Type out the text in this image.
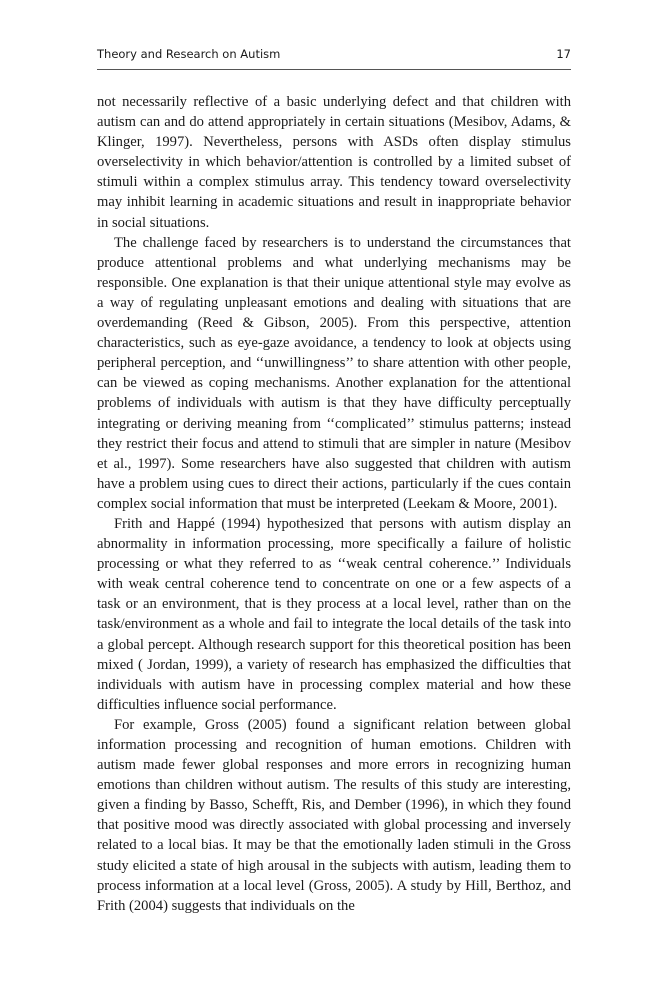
Theory and Research on Autism	17

not necessarily reflective of a basic underlying defect and that children with autism can and do attend appropriately in certain situations (Mesibov, Adams, & Klinger, 1997). Nevertheless, persons with ASDs often display stimulus overselectivity in which behavior/attention is controlled by a limited subset of stimuli within a complex stimulus array. This tendency toward overselectivity may inhibit learning in academic situations and result in inappropriate behavior in social situations.

The challenge faced by researchers is to understand the circumstances that produce attentional problems and what underlying mechanisms may be responsible. One explanation is that their unique attentional style may evolve as a way of regulating unpleasant emotions and dealing with situations that are overdemanding (Reed & Gibson, 2005). From this perspective, attention characteristics, such as eye-gaze avoidance, a tendency to look at objects using peripheral perception, and ‘‘unwillingness’’ to share attention with other people, can be viewed as coping mechanisms. Another explanation for the attentional problems of individuals with autism is that they have difficulty perceptually integrating or deriving meaning from ‘‘complicated’’ stimulus patterns; instead they restrict their focus and attend to stimuli that are simpler in nature (Mesibov et al., 1997). Some researchers have also suggested that children with autism have a problem using cues to direct their actions, particularly if the cues contain complex social information that must be interpreted (Leekam & Moore, 2001).

Frith and Happé (1994) hypothesized that persons with autism display an abnormality in information processing, more specifically a failure of holistic processing or what they referred to as ‘‘weak central coherence.’’ Individuals with weak central coherence tend to concentrate on one or a few aspects of a task or an environment, that is they process at a local level, rather than on the task/environment as a whole and fail to integrate the local details of the task into a global percept. Although research support for this theoretical position has been mixed ( Jordan, 1999), a variety of research has emphasized the difficulties that individuals with autism have in processing complex material and how these difficulties influence social performance.

For example, Gross (2005) found a significant relation between global information processing and recognition of human emotions. Children with autism made fewer global responses and more errors in recognizing human emotions than children without autism. The results of this study are interesting, given a finding by Basso, Schefft, Ris, and Dember (1996), in which they found that positive mood was directly associated with global processing and inversely related to a local bias. It may be that the emotionally laden stimuli in the Gross study elicited a state of high arousal in the subjects with autism, leading them to process information at a local level (Gross, 2005). A study by Hill, Berthoz, and Frith (2004) suggests that individuals on the
